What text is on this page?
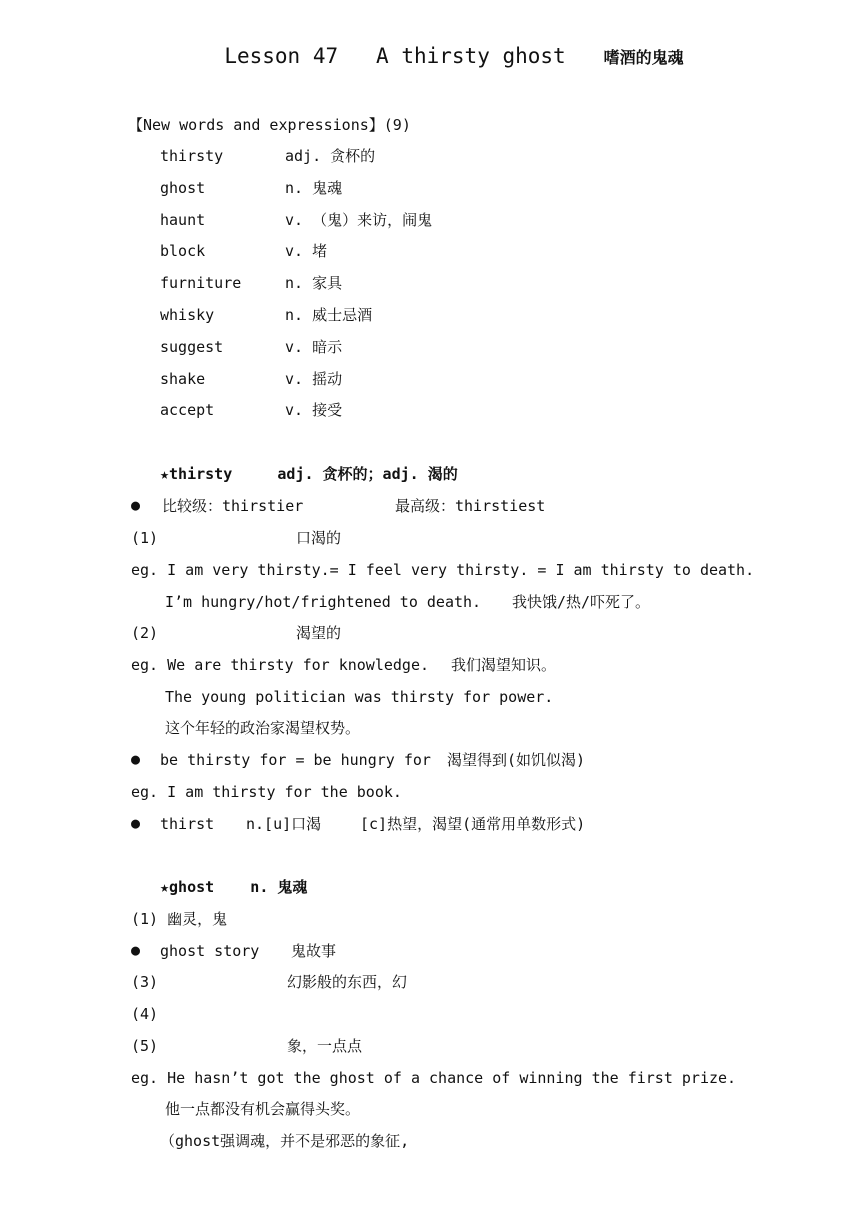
Lesson 47   A thirsty ghost 嗜酒的鬼魂
【New words and expressions】(9)
thirsty	adj. 贪杯的
ghost	n. 鬼魂
haunt	v. （鬼）来访，闹鬼
block	v. 堵
furniture	n. 家具
whisky	n. 威士忌酒
suggest	v. 暗示
shake	v. 摇动
accept	v. 接受
★thirsty     adj. 贪杯的；adj. 渴的
● 比较级：thirstier	最高级：thirstiest
(1)	口渴的
eg. I am very thirsty.= I feel very thirsty. = I am thirsty to death.
I’m hungry/hot/frightened to death. 我快饿/热/吓死了。
(2)	渴望的
eg. We are thirsty for knowledge. 我们渴望知识。
The young politician was thirsty for power.
这个年轻的政治家渴望权势。
● be thirsty for = be hungry for 渴望得到(如饥似渴)
eg. I am thirsty for the book.
● thirst n.[u]口渴	[c]热望，渴望(通常用单数形式)
★ghost    n. 鬼魂
(1) 幽灵，鬼
● ghost story 鬼故事
(3)	幻影般的东西，幻
(4)
(5)	象，一点点
eg. He hasn’t got the ghost of a chance of winning the first prize.
他一点都没有机会赢得头奖。
（ghost强调魂，并不是邪恶的象征,
